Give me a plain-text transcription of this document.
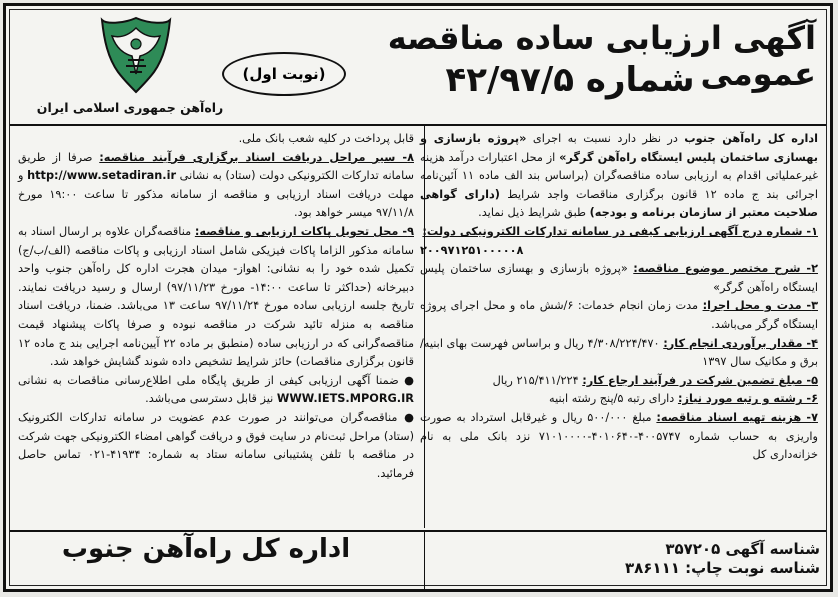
آگهی ارزیابی ساده مناقصه عمومی
شماره ۴۲/۹۷/۵
(نوبت اول)
راه‌آهن جمهوری اسلامی ایران

اداره کل راه‌آهن جنوب در نظر دارد نسبت به اجرای «پروژه بازسازی و بهسازی ساختمان پلیس ایستگاه راه‌آهن گرگر» از محل اعتبارات درآمد هزینه غیرعملیاتی اقدام به ارزیابی ساده مناقصه‌گران (براساس بند الف ماده ۱۱ آئین‌نامه اجرائی بند ج ماده ۱۲ قانون برگزاری مناقصات واجد شرایط (دارای گواهی صلاحیت معتبر از سازمان برنامه و بودجه) طبق شرایط ذیل نماید.

۱- شماره درج آگهی ارزیابی کیفی در سامانه تدارکات الکترونیکی دولت:

۲۰۰۹۷۱۲۵۱۰۰۰۰۰۸

۲- شرح مختصر موضوع مناقصه: «پروژه بازسازی و بهسازی ساختمان پلیس ایستگاه راه‌آهن گرگر»

۳- مدت و محل اجرا: مدت زمان انجام خدمات: ۶/شش ماه و محل اجرای پروژه ایستگاه گرگر می‌باشد.

۴- مقدار برآوردی انجام کار: ۴/۳۰۸/۲۲۴/۴۷۰ ریال و براساس فهرست بهای ابنیه/ برق و مکانیک سال ۱۳۹۷

۵- مبلغ تضمین شرکت در فرآیند ارجاع کار: ۲۱۵/۴۱۱/۲۲۴ ریال

۶- رشته و رتبه مورد نیاز: دارای رتبه ۵/پنج رشته ابنیه

۷- هزینه تهیه اسناد مناقصه: مبلغ ۵۰۰/۰۰۰ ریال و غیرقابل استرداد به صورت واریزی به حساب شماره ۴۰۰۵۷۴۷-۴۰۱۰۶۴۰-۷۱۰۱۰۰۰۰ نزد بانک ملی به نام خزانه‌داری کل

قابل پرداخت در کلیه شعب بانک ملی.

۸- سیر مراحل دریافت اسناد برگزاری فرآیند مناقصه: صرفا از طریق سامانه تدارکات الکترونیکی دولت (ستاد) به نشانی http://www.setadiran.ir و مهلت دریافت اسناد ارزیابی و مناقصه از سامانه مذکور تا ساعت ۱۹:۰۰ مورخ ۹۷/۱۱/۸ میسر خواهد بود.

۹- محل تحویل پاکات ارزیابی و مناقصه: مناقصه‌گران علاوه بر ارسال اسناد به سامانه مذکور الزاما پاکات فیزیکی شامل اسناد ارزیابی و پاکات مناقصه (الف/ب/ج) تکمیل شده خود را به نشانی: اهواز- میدان هجرت اداره کل راه‌آهن جنوب واحد دبیرخانه (حداکثر تا ساعت ۱۴:۰۰- مورخ ۹۷/۱۱/۲۳) ارسال و رسید دریافت نمایند. تاریخ جلسه ارزیابی ساده مورخ ۹۷/۱۱/۲۴ ساعت ۱۳ می‌باشد. ضمنا، دریافت اسناد مناقصه به منزله تائید شرکت در مناقصه نبوده و صرفا پاکات پیشنهاد قیمت مناقصه‌گرانی که در ارزیابی ساده (منطبق بر ماده ۲۲ آیین‌نامه اجرایی بند ج ماده ۱۲ قانون برگزاری مناقصات) حائز شرایط تشخیص داده شوند گشایش خواهد شد.

● ضمنا آگهی ارزیابی کیفی از طریق پایگاه ملی اطلاع‌رسانی مناقصات به نشانی WWW.IETS.MPORG.IR نیز قابل دسترسی می‌باشد.

● مناقصه‌گران می‌توانند در صورت عدم عضویت در سامانه تدارکات الکترونیک (ستاد) مراحل ثبت‌نام در سایت فوق و دریافت گواهی امضاء الکترونیکی جهت شرکت در مناقصه با تلفن پشتیبانی سامانه ستاد به شماره: ۴۱۹۳۴-۰۲۱ تماس حاصل فرمائید.

اداره کل راه‌آهن جنوب	شناسه آگهی ۳۵۷۲۰۵
شناسه نوبت چاپ: ۳۸۶۱۱۱
